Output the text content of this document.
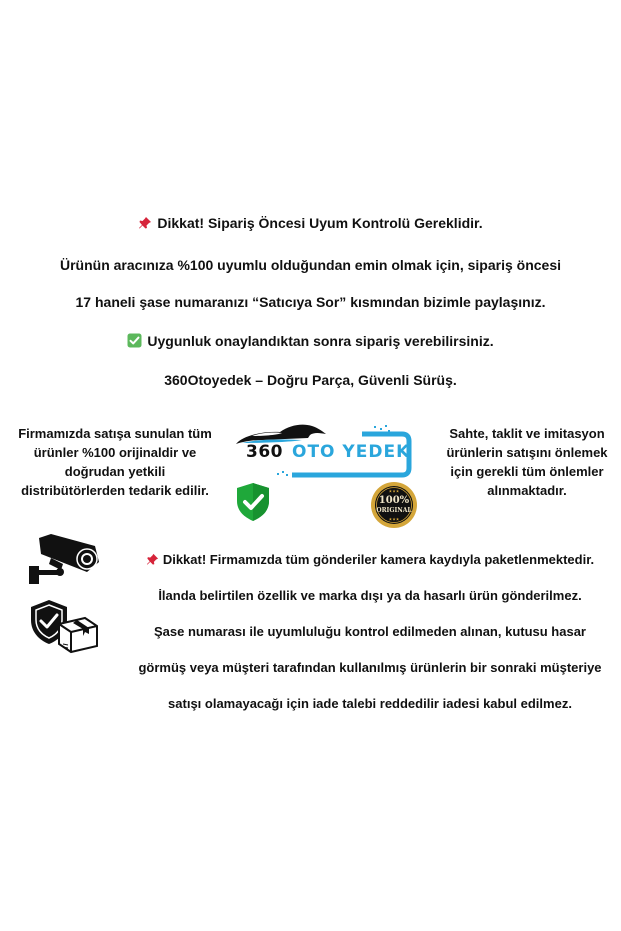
Dikkat! Sipariş Öncesi Uyum Kontrolü Gereklidir.
Ürünün aracınıza %100 uyumlu olduğundan emin olmak için, sipariş öncesi
17 haneli şase numaranızı “Satıcıya Sor” kısmından bizimle paylaşınız.
Uygunluk onaylandıktan sonra sipariş verebilirsiniz.
360Otoyedek – Doğru Parça, Güvenli Sürüş.
Firmamızda satışa sunulan tüm
ürünler %100 orijinaldir ve
doğrudan yetkili
distribütörlerden tedarik edilir.
Sahte, taklit ve imitasyon
ürünlerin satışını önlemek
için gerekli tüm önlemler
alınmaktadır.
360 OTO YEDEK
★★★
★★★
100%
ORIGINAL
Dikkat! Firmamızda tüm gönderiler kamera kaydıyla paketlenmektedir.
İlanda belirtilen özellik ve marka dışı ya da hasarlı ürün gönderilmez.
Şase numarası ile uyumluluğu kontrol edilmeden alınan, kutusu hasar
görmüş veya müşteri tarafından kullanılmış ürünlerin bir sonraki müşteriye
satışı olamayacağı için iade talebi reddedilir iadesi kabul edilmez.
